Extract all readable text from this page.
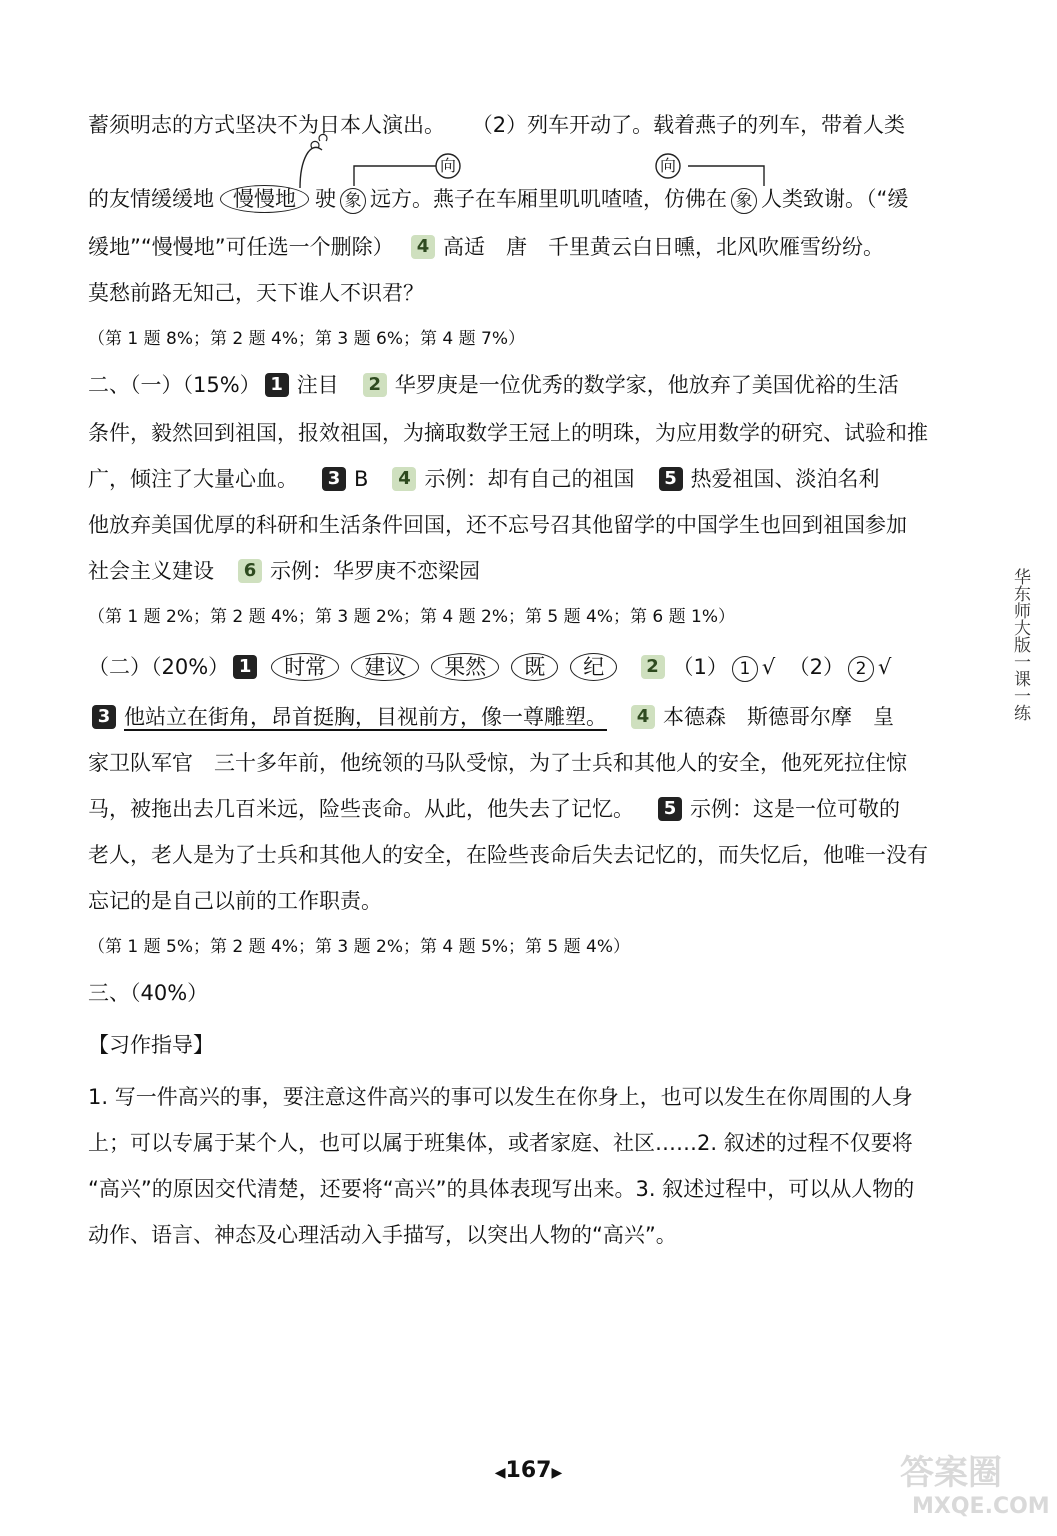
向	向
蓄须明志的方式坚决不为日本人演出。 （2）列车开动了。载着燕子的列车，带着人类
的友情缓缓地 慢慢地 驶 象 远方。燕子在车厢里叽叽喳喳，仿佛在 象 人类致谢。（“缓
缓地”“慢慢地”可任选一个删除） 4 高适　唐　千里黄云白日曛，北风吹雁雪纷纷。
莫愁前路无知己，天下谁人不识君？
（第 1 题 8%；第 2 题 4%；第 3 题 6%；第 4 题 7%）
二、（一）（15%） 1 注目 2 华罗庚是一位优秀的数学家，他放弃了美国优裕的生活
条件，毅然回到祖国，报效祖国，为摘取数学王冠上的明珠，为应用数学的研究、试验和推
广，倾注了大量心血。 3 B 4 示例：却有自己的祖国 5 热爱祖国、淡泊名利
他放弃美国优厚的科研和生活条件回国，还不忘号召其他留学的中国学生也回到祖国参加
社会主义建设 6 示例：华罗庚不恋梁园
（第 1 题 2%；第 2 题 4%；第 3 题 2%；第 4 题 2%；第 5 题 4%；第 6 题 1%）
（二）（20%） 1 时常 建议 果然 既 纪 2 （1） 1 √ （2） 2 √
3 他站立在街角，昂首挺胸，目视前方，像一尊雕塑。 4 本德森　斯德哥尔摩　皇
家卫队军官　三十多年前，他统领的马队受惊，为了士兵和其他人的安全，他死死拉住惊
马，被拖出去几百米远，险些丧命。从此，他失去了记忆。 5 示例：这是一位可敬的
老人，老人是为了士兵和其他人的安全，在险些丧命后失去记忆的，而失忆后，他唯一没有
忘记的是自己以前的工作职责。
（第 1 题 5%；第 2 题 4%；第 3 题 2%；第 4 题 5%；第 5 题 4%）
三、（40%）
【习作指导】
1. 写一件高兴的事，要注意这件高兴的事可以发生在你身上，也可以发生在你周围的人身
上；可以专属于某个人，也可以属于班集体，或者家庭、社区……2. 叙述的过程不仅要将
“高兴”的原因交代清楚，还要将“高兴”的具体表现写出来。3. 叙述过程中，可以从人物的
动作、语言、神态及心理活动入手描写，以突出人物的“高兴”。
华东师大版一课一练
◀167▶	答案圈
MXQE.COM
